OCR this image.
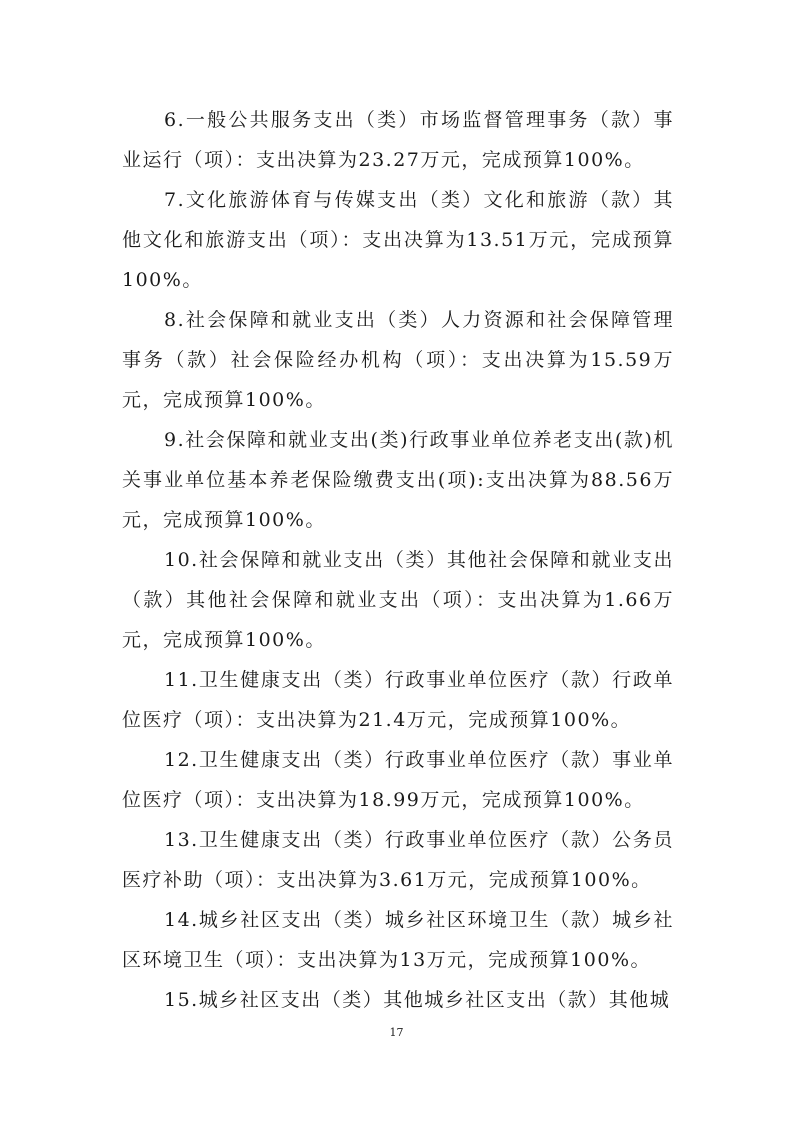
6.一般公共服务支出（类）市场监督管理事务（款）事业运行（项）：支出决算为23.27万元，完成预算100%。

7.文化旅游体育与传媒支出（类）文化和旅游（款）其他文化和旅游支出（项）：支出决算为13.51万元，完成预算100%。

8.社会保障和就业支出（类）人力资源和社会保障管理事务（款）社会保险经办机构（项）：支出决算为15.59万元，完成预算100%。

9.社会保障和就业支出(类)行政事业单位养老支出(款)机关事业单位基本养老保险缴费支出(项):支出决算为88.56万元，完成预算100%。

10.社会保障和就业支出（类）其他社会保障和就业支出（款）其他社会保障和就业支出（项）：支出决算为1.66万元，完成预算100%。

11.卫生健康支出（类）行政事业单位医疗（款）行政单位医疗（项）：支出决算为21.4万元，完成预算100%。

12.卫生健康支出（类）行政事业单位医疗（款）事业单位医疗（项）：支出决算为18.99万元，完成预算100%。

13.卫生健康支出（类）行政事业单位医疗（款）公务员医疗补助（项）：支出决算为3.61万元，完成预算100%。

14.城乡社区支出（类）城乡社区环境卫生（款）城乡社区环境卫生（项）：支出决算为13万元，完成预算100%。

15.城乡社区支出（类）其他城乡社区支出（款）其他城

17
